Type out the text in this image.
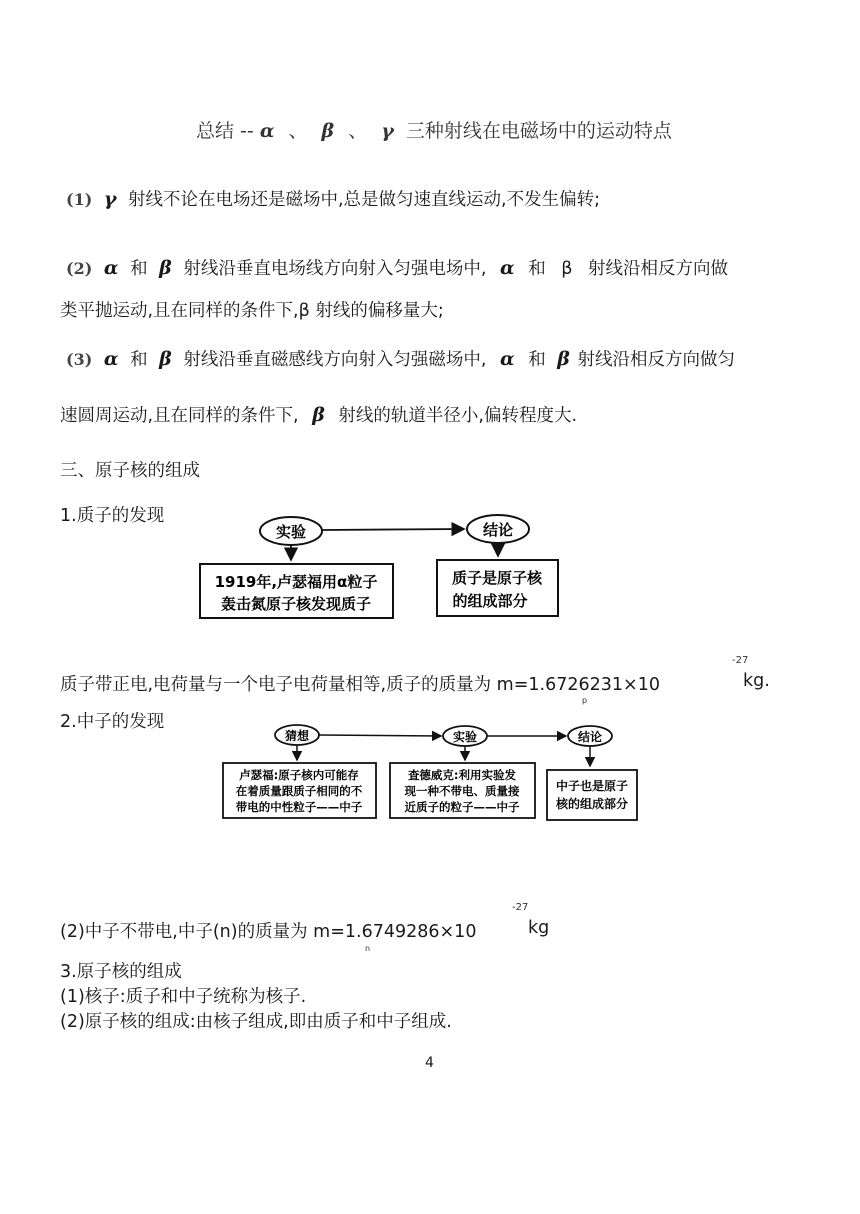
总结 -- α 、 β 、 γ 三种射线在电磁场中的运动特点
(1) γ 射线不论在电场还是磁场中,总是做匀速直线运动,不发生偏转;
(2) α 和 β 射线沿垂直电场线方向射入匀强电场中, α 和 β 射线沿相反方向做
类平抛运动,且在同样的条件下,β 射线的偏移量大;
(3) α 和 β 射线沿垂直磁感线方向射入匀强磁场中, α 和 β 射线沿相反方向做匀
速圆周运动,且在同样的条件下, β 射线的轨道半径小,偏转程度大.
三、原子核的组成
1.质子的发现
实验	结论
1919年,卢瑟福用α粒子
轰击氮原子核发现质子
质子是原子核
的组成部分
质子带正电,电荷量与一个电子电荷量相等,质子的质量为 m=1.6726231×10
-27
kg.
p
2.中子的发现
猜想	实验	结论
卢瑟福:原子核内可能存
在着质量跟质子相同的不
带电的中性粒子——中子
查德威克:利用实验发
现一种不带电、质量接
近质子的粒子——中子
中子也是原子
核的组成部分
(2)中子不带电,中子(n)的质量为 m=1.6749286×10
-27
kg
n
3.原子核的组成
(1)核子:质子和中子统称为核子.
(2)原子核的组成:由核子组成,即由质子和中子组成.
4
